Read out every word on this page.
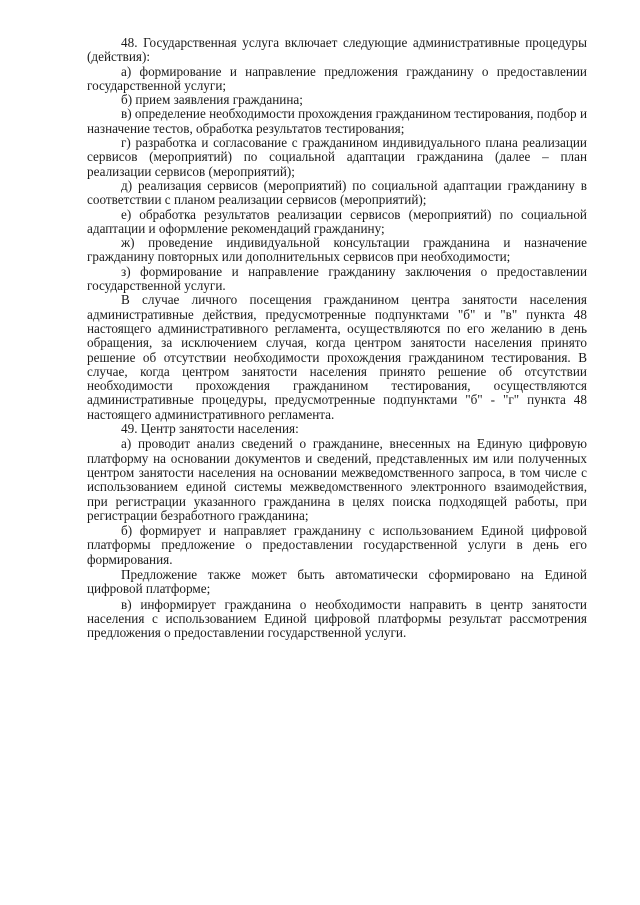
48. Государственная услуга включает следующие административные процедуры (действия):

а) формирование и направление предложения гражданину о предоставлении государственной услуги;

б) прием заявления гражданина;

в) определение необходимости прохождения гражданином тестирования, подбор и назначение тестов, обработка результатов тестирования;

г) разработка и согласование с гражданином индивидуального плана реализации сервисов (мероприятий) по социальной адаптации гражданина (далее – план реализации сервисов (мероприятий);

д) реализация сервисов (мероприятий) по социальной адаптации гражданину в соответствии с планом реализации сервисов (мероприятий);

е) обработка результатов реализации сервисов (мероприятий) по социальной адаптации и оформление рекомендаций гражданину;

ж) проведение индивидуальной консультации гражданина и назначение гражданину повторных или дополнительных сервисов при необходимости;

з) формирование и направление гражданину заключения о предоставлении государственной услуги.

В случае личного посещения гражданином центра занятости населения административные действия, предусмотренные подпунктами "б" и "в" пункта 48 настоящего административного регламента, осуществляются по его желанию в день обращения, за исключением случая, когда центром занятости населения принято решение об отсутствии необходимости прохождения гражданином тестирования. В случае, когда центром занятости населения принято решение об отсутствии необходимости прохождения гражданином тестирования, осуществляются административные процедуры, предусмотренные подпунктами "б" - "г" пункта 48 настоящего административного регламента.

49. Центр занятости населения:

а) проводит анализ сведений о гражданине, внесенных на Единую цифровую платформу на основании документов и сведений, представленных им или полученных центром занятости населения на основании межведомственного запроса, в том числе с использованием единой системы межведомственного электронного взаимодействия, при регистрации указанного гражданина в целях поиска подходящей работы, при регистрации безработного гражданина;

б) формирует и направляет гражданину с использованием Единой цифровой платформы предложение о предоставлении государственной услуги в день его формирования.

Предложение также может быть автоматически сформировано на Единой цифровой платформе;

в) информирует гражданина о необходимости направить в центр занятости населения с использованием Единой цифровой платформы результат рассмотрения предложения о предоставлении государственной услуги.
